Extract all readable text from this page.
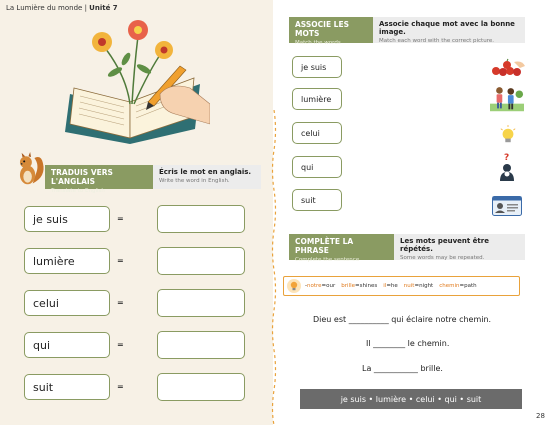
La Lumière du monde | Unité 7
TRADUIS VERS L'ANGLAIS
Translate to English
Écris le mot en anglais.
Write the word in English.
je suis	=
lumière	=
celui	=
qui	=
suit	=
ASSOCIE LES MOTS
Match the words
Associe chaque mot avec la bonne image.
Match each word with the correct picture.
je suis
lumière
celui
qui
suit
?
COMPLÈTE LA PHRASE
Complete the sentence
Les mots peuvent être répétés.
Some words may be repeated.
- notre = our brille = shines il = he nuit = night chemin = path
Dieu est __________ qui éclaire notre chemin.
Il ________ le chemin.
La ___________ brille.
je suis • lumière • celui • qui • suit
28
